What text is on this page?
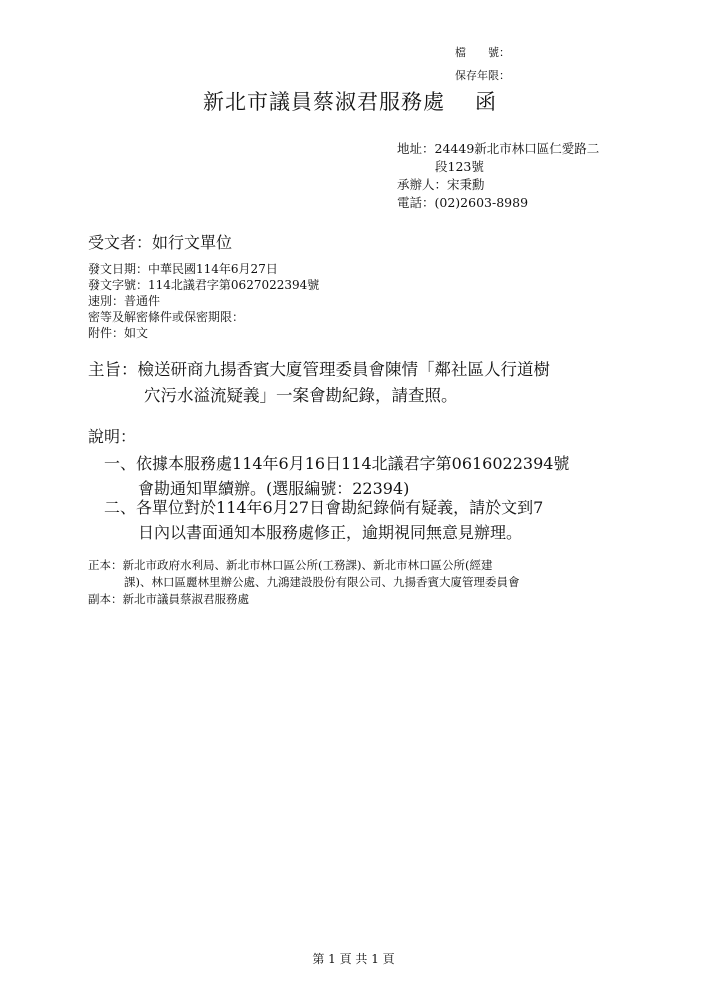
檔　　號：
保存年限：
新北市議員蔡淑君服務處 函
地址：24449新北市林口區仁愛路二
段123號
承辦人：宋秉勳
電話：(02)2603-8989
受文者：如行文單位
發文日期：中華民國114年6月27日
發文字號：114北議君字第0627022394號
速別：普通件
密等及解密條件或保密期限：
附件：如文
主旨：檢送研商九揚香賓大廈管理委員會陳情「鄰社區人行道樹
穴污水溢流疑義」一案會勘紀錄，請查照。
說明：
一、依據本服務處114年6月16日114北議君字第0616022394號
會勘通知單續辦。(選服編號：22394)
二、各單位對於114年6月27日會勘紀錄倘有疑義，請於文到7
日內以書面通知本服務處修正，逾期視同無意見辦理。
正本：新北市政府水利局、新北市林口區公所(工務課)、新北市林口區公所(經建
課)、林口區麗林里辦公處、九鴻建設股份有限公司、九揚香賓大廈管理委員會
副本：新北市議員蔡淑君服務處
第 1 頁 共 1 頁
